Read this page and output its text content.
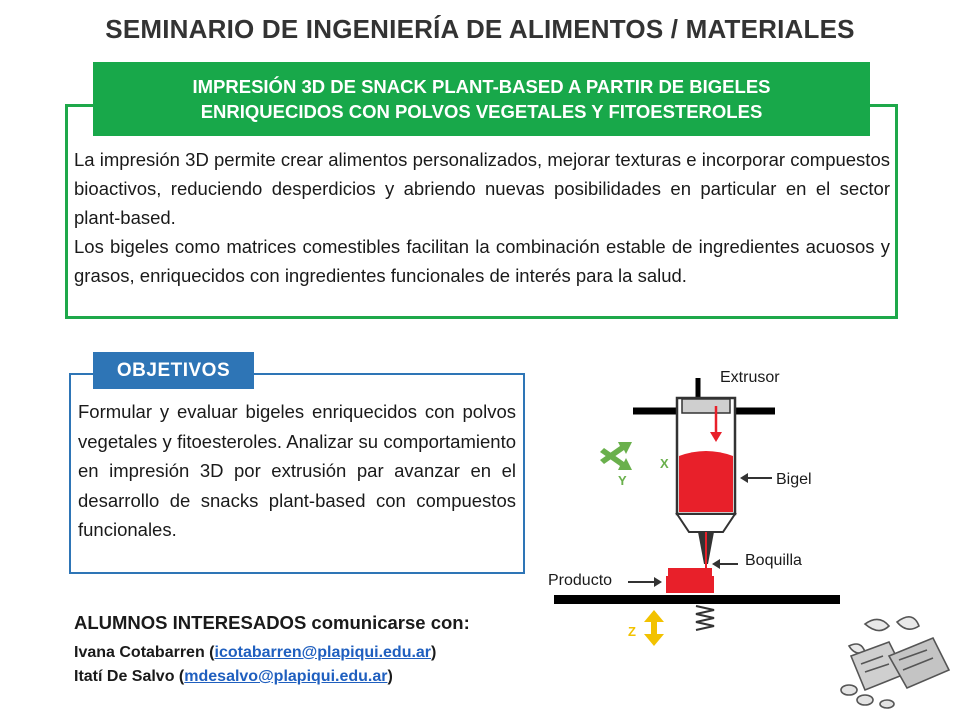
SEMINARIO DE INGENIERÍA DE ALIMENTOS / MATERIALES
IMPRESIÓN 3D DE SNACK PLANT-BASED A PARTIR DE BIGELES
ENRIQUECIDOS CON POLVOS VEGETALES Y FITOESTEROLES

La impresión 3D permite crear alimentos personalizados, mejorar texturas e incorporar compuestos bioactivos, reduciendo desperdicios y abriendo nuevas posibilidades en particular en el sector plant-based.

Los bigeles como matrices comestibles facilitan la combinación estable de ingredientes acuosos y grasos, enriquecidos con ingredientes funcionales de interés para la salud.

OBJETIVOS
Formular y evaluar bigeles enriquecidos con polvos vegetales y fitoesteroles. Analizar su comportamiento en impresión 3D por extrusión par avanzar en el desarrollo de snacks plant-based con compuestos funcionales.
ALUMNOS INTERESADOS comunicarse con:
Ivana Cotabarren (icotabarren@plapiqui.edu.ar)
Itatí De Salvo (mdesalvo@plapiqui.edu.ar)
X
Y
Z
Extrusor
Bigel
Boquilla
Producto
